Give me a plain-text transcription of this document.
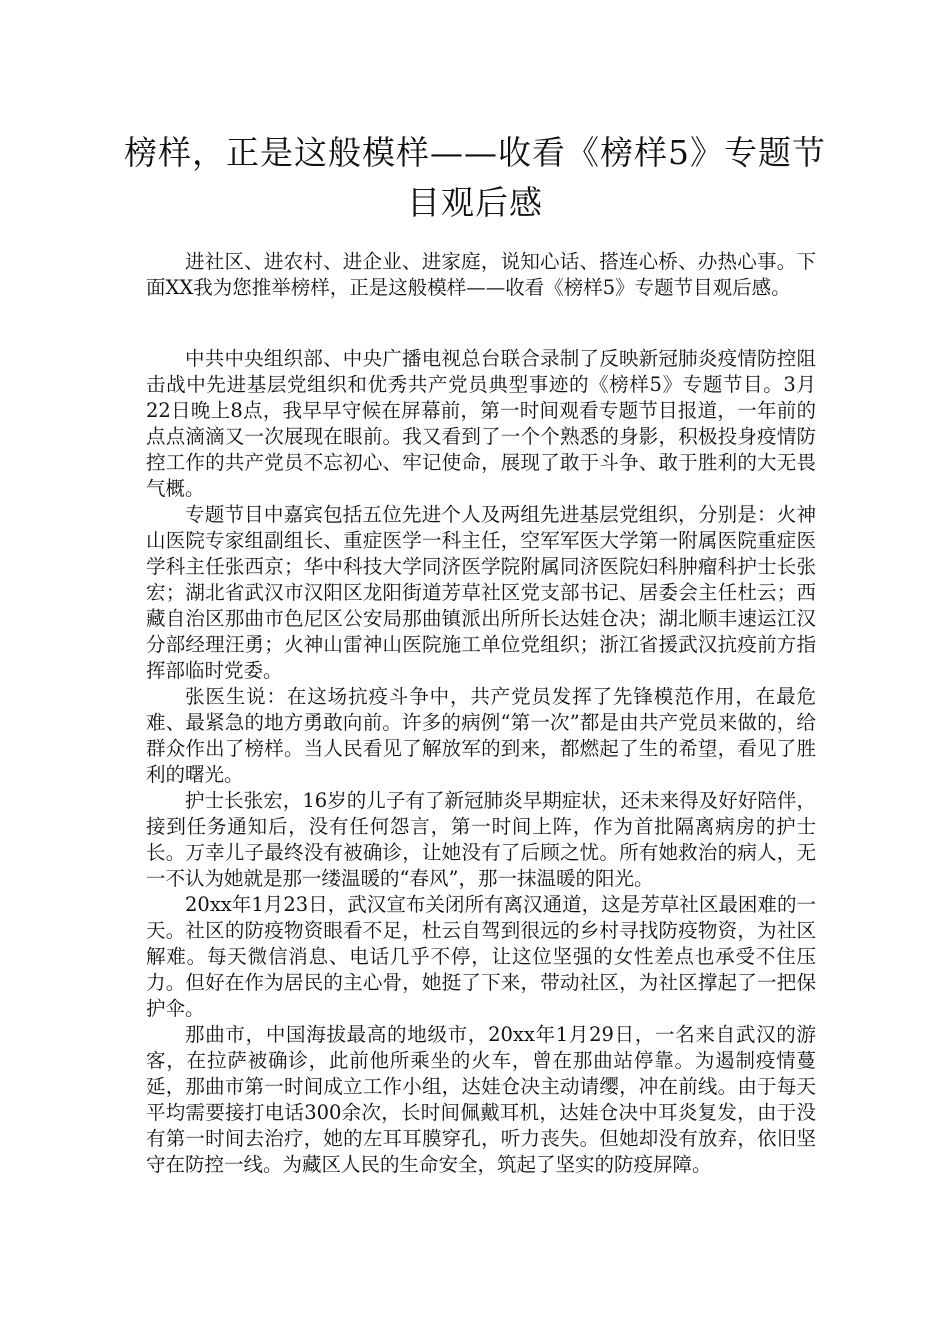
榜样，正是这般模样——收看《榜样5》专题节目观后感

进社区、进农村、进企业、进家庭，说知心话、搭连心桥、办热心事。下面XX我为您推举榜样，正是这般模样——收看《榜样5》专题节目观后感。

中共中央组织部、中央广播电视总台联合录制了反映新冠肺炎疫情防控阻击战中先进基层党组织和优秀共产党员典型事迹的《榜样5》专题节目。3月22日晚上8点，我早早守候在屏幕前，第一时间观看专题节目报道，一年前的点点滴滴又一次展现在眼前。我又看到了一个个熟悉的身影，积极投身疫情防控工作的共产党员不忘初心、牢记使命，展现了敢于斗争、敢于胜利的大无畏气概。

专题节目中嘉宾包括五位先进个人及两组先进基层党组织，分别是：火神山医院专家组副组长、重症医学一科主任，空军军医大学第一附属医院重症医学科主任张西京；华中科技大学同济医学院附属同济医院妇科肿瘤科护士长张宏；湖北省武汉市汉阳区龙阳街道芳草社区党支部书记、居委会主任杜云；西藏自治区那曲市色尼区公安局那曲镇派出所所长达娃仓决；湖北顺丰速运江汉分部经理汪勇；火神山雷神山医院施工单位党组织；浙江省援武汉抗疫前方指挥部临时党委。

张医生说：在这场抗疫斗争中，共产党员发挥了先锋模范作用，在最危难、最紧急的地方勇敢向前。许多的病例“第一次”都是由共产党员来做的，给群众作出了榜样。当人民看见了解放军的到来，都燃起了生的希望，看见了胜利的曙光。

护士长张宏，16岁的儿子有了新冠肺炎早期症状，还未来得及好好陪伴，接到任务通知后，没有任何怨言，第一时间上阵，作为首批隔离病房的护士长。万幸儿子最终没有被确诊，让她没有了后顾之忧。所有她救治的病人，无一不认为她就是那一缕温暖的“春风”，那一抹温暖的阳光。

20xx年1月23日，武汉宣布关闭所有离汉通道，这是芳草社区最困难的一天。社区的防疫物资眼看不足，杜云自驾到很远的乡村寻找防疫物资，为社区解难。每天微信消息、电话几乎不停，让这位坚强的女性差点也承受不住压力。但好在作为居民的主心骨，她挺了下来，带动社区，为社区撑起了一把保护伞。

那曲市，中国海拔最高的地级市，20xx年1月29日，一名来自武汉的游客，在拉萨被确诊，此前他所乘坐的火车，曾在那曲站停靠。为遏制疫情蔓延，那曲市第一时间成立工作小组，达娃仓决主动请缨，冲在前线。由于每天平均需要接打电话300余次，长时间佩戴耳机，达娃仓决中耳炎复发，由于没有第一时间去治疗，她的左耳耳膜穿孔，听力丧失。但她却没有放弃，依旧坚守在防控一线。为藏区人民的生命安全，筑起了坚实的防疫屏障。
